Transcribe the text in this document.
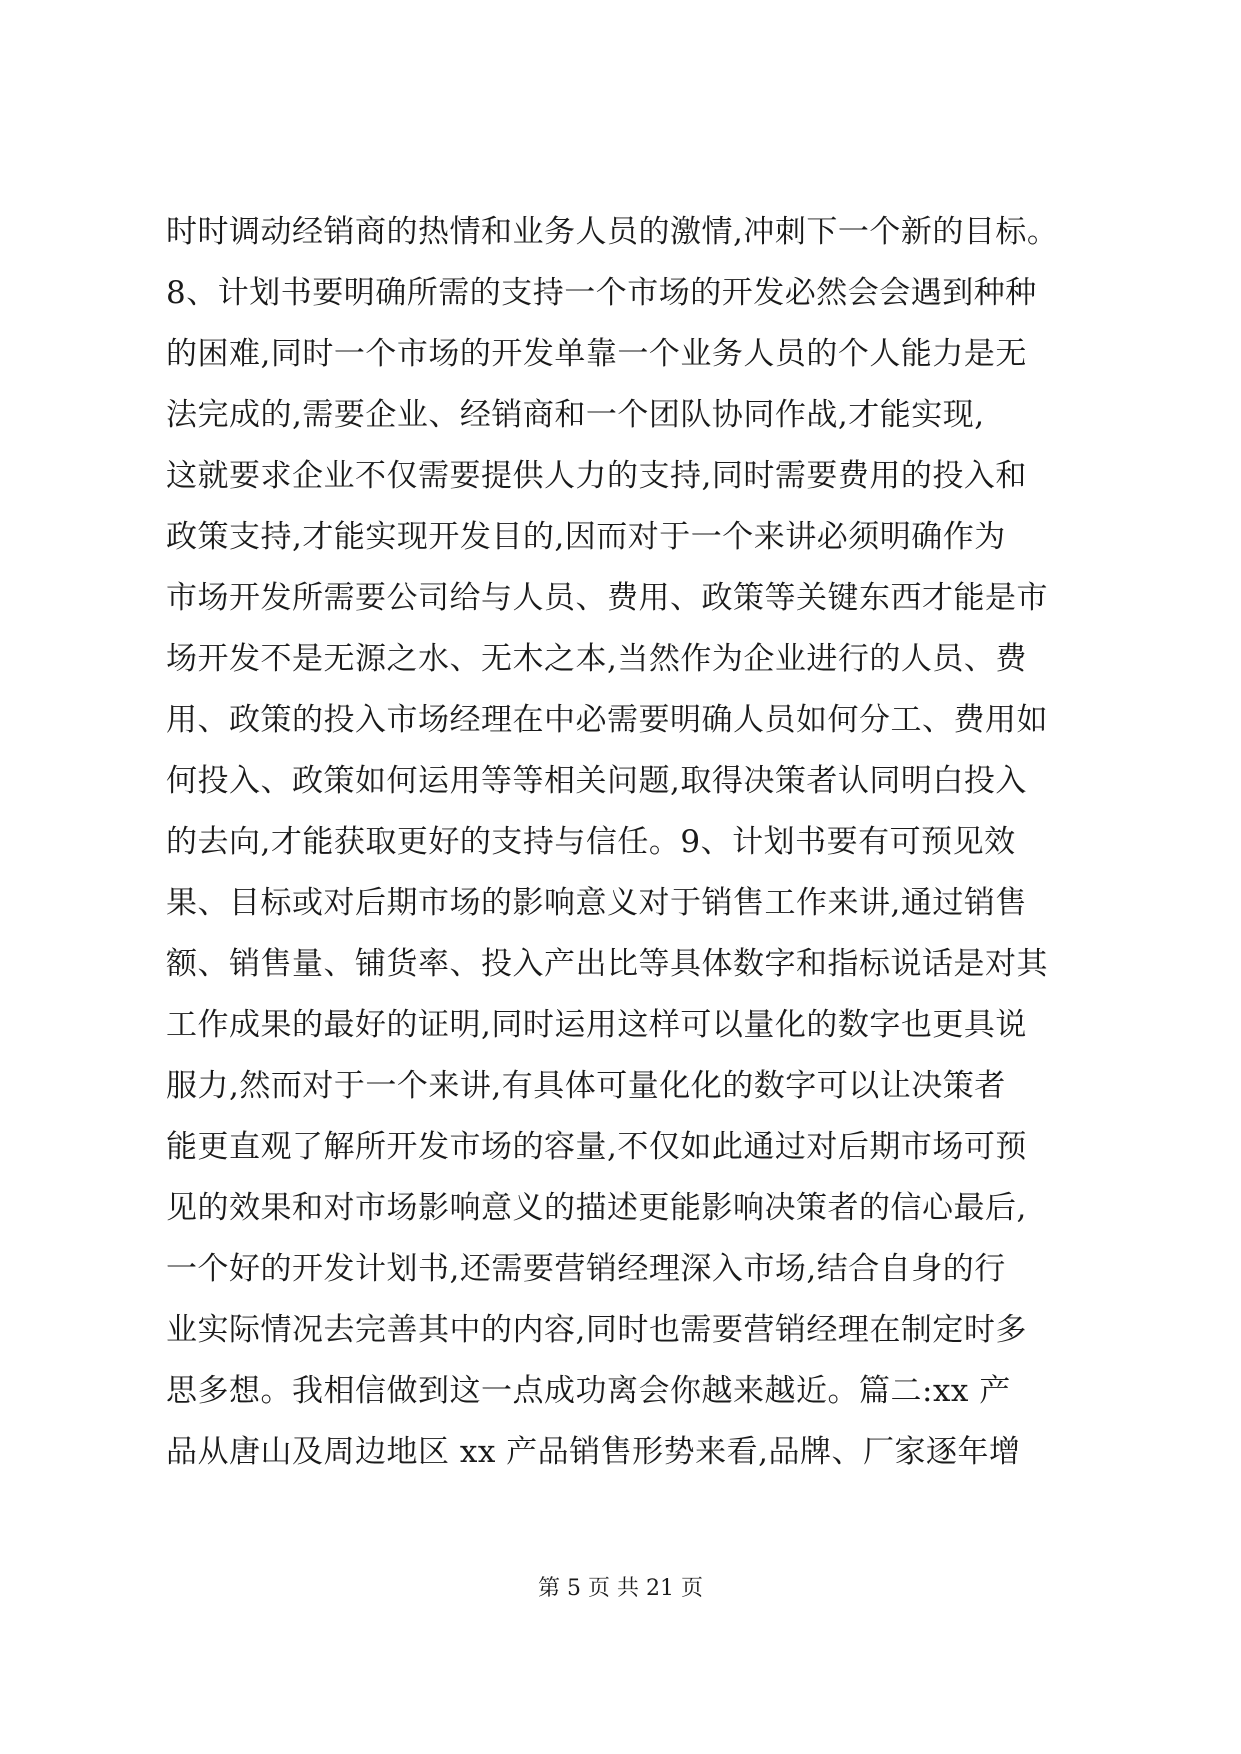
时时调动经销商的热情和业务人员的激情,冲刺下一个新的目标。
8、计划书要明确所需的支持一个市场的开发必然会会遇到种种
的困难,同时一个市场的开发单靠一个业务人员的个人能力是无
法完成的,需要企业、经销商和一个团队协同作战,才能实现,
这就要求企业不仅需要提供人力的支持,同时需要费用的投入和
政策支持,才能实现开发目的,因而对于一个来讲必须明确作为
市场开发所需要公司给与人员、费用、政策等关键东西才能是市
场开发不是无源之水、无木之本,当然作为企业进行的人员、费
用、政策的投入市场经理在中必需要明确人员如何分工、费用如
何投入、政策如何运用等等相关问题,取得决策者认同明白投入
的去向,才能获取更好的支持与信任。9、计划书要有可预见效
果、目标或对后期市场的影响意义对于销售工作来讲,通过销售
额、销售量、铺货率、投入产出比等具体数字和指标说话是对其
工作成果的最好的证明,同时运用这样可以量化的数字也更具说
服力,然而对于一个来讲,有具体可量化化的数字可以让决策者
能更直观了解所开发市场的容量,不仅如此通过对后期市场可预
见的效果和对市场影响意义的描述更能影响决策者的信心最后,
一个好的开发计划书,还需要营销经理深入市场,结合自身的行
业实际情况去完善其中的内容,同时也需要营销经理在制定时多
思多想。我相信做到这一点成功离会你越来越近。篇二:xx 产
品从唐山及周边地区 xx 产品销售形势来看,品牌、厂家逐年增
第 5 页 共 21 页
